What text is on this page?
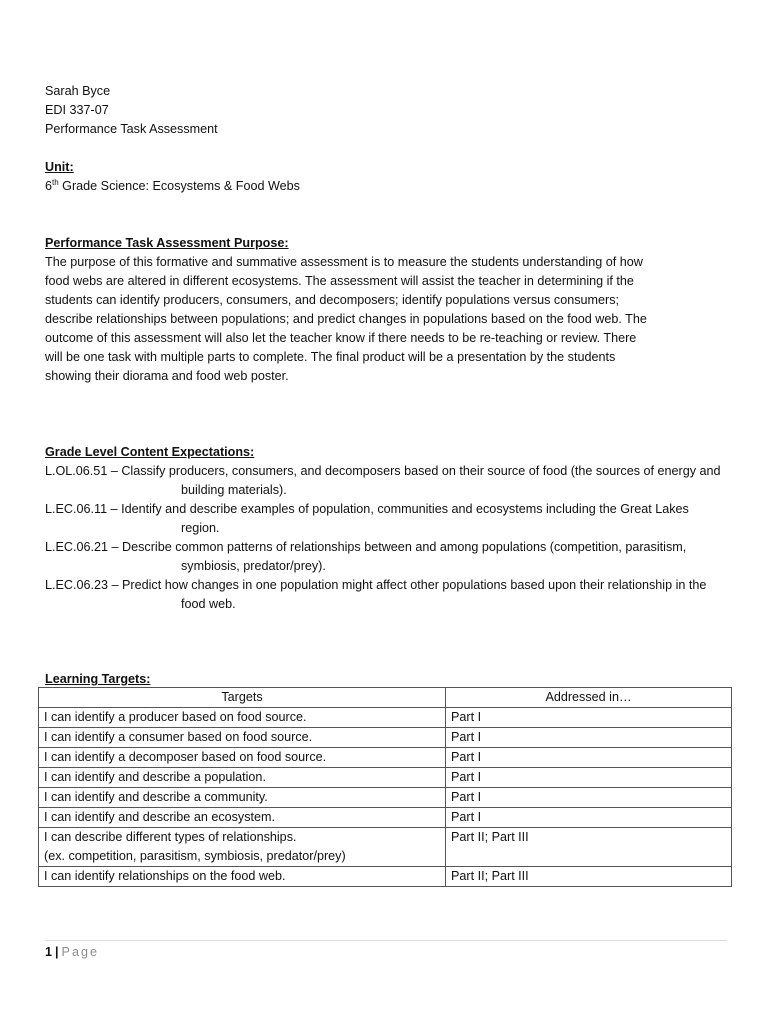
Sarah Byce
EDI 337-07
Performance Task Assessment
Unit:
6th Grade Science: Ecosystems & Food Webs
Performance Task Assessment Purpose:
The purpose of this formative and summative assessment is to measure the students understanding of how
food webs are altered in different ecosystems. The assessment will assist the teacher in determining if the
students can identify producers, consumers, and decomposers; identify populations versus consumers;
describe relationships between populations; and predict changes in populations based on the food web. The
outcome of this assessment will also let the teacher know if there needs to be re-teaching or review. There
will be one task with multiple parts to complete. The final product will be a presentation by the students
showing their diorama and food web poster.
Grade Level Content Expectations:
L.OL.06.51 – Classify producers, consumers, and decomposers based on their source of food (the sources of energy and building materials).
L.EC.06.11 – Identify and describe examples of population, communities and ecosystems including the Great Lakes region.
L.EC.06.21 – Describe common patterns of relationships between and among populations (competition, parasitism, symbiosis, predator/prey).
L.EC.06.23 – Predict how changes in one population might affect other populations based upon their relationship in the food web.
Learning Targets:
Targets	Addressed in…
I can identify a producer based on food source.	Part I
I can identify a consumer based on food source.	Part I
I can identify a decomposer based on food source.	Part I
I can identify and describe a population.	Part I
I can identify and describe a community.	Part I
I can identify and describe an ecosystem.	Part I

I can describe different types of relationships.
(ex. competition, parasitism, symbiosis, predator/prey)	Part II; Part III
I can identify relationships on the food web.	Part II; Part III
1 | Page
